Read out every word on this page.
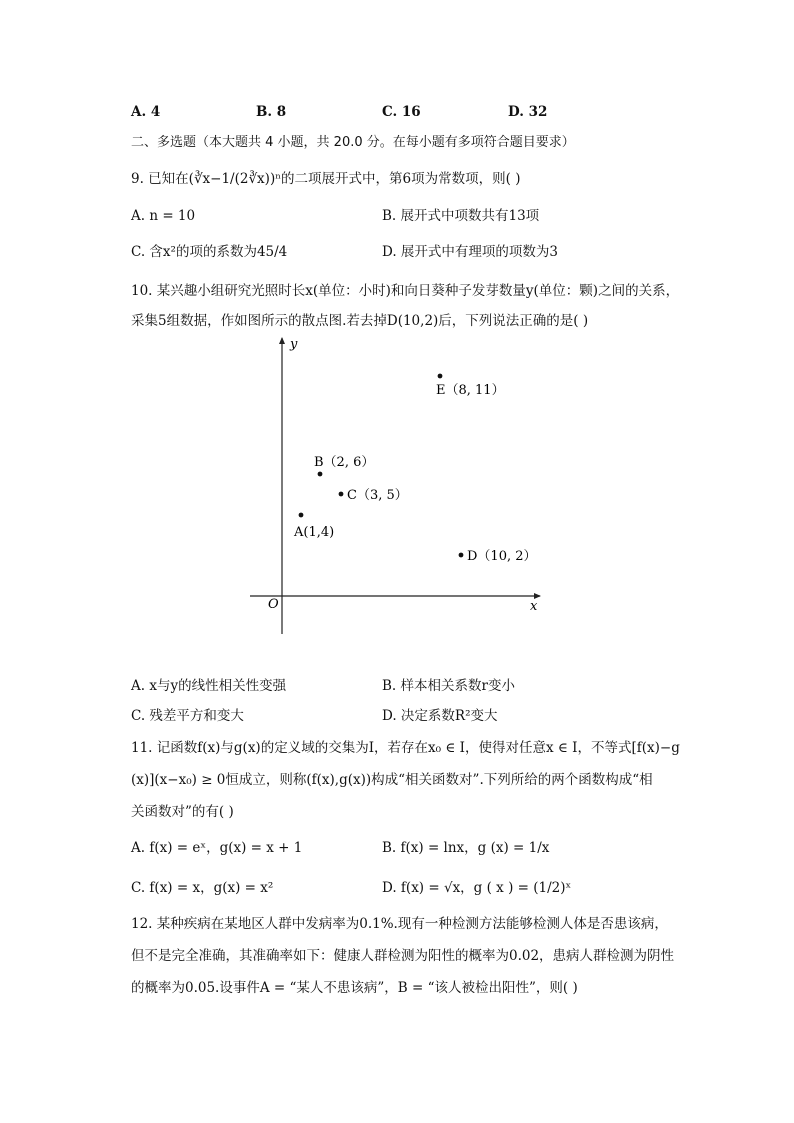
A. 4	B. 8	C. 16	D. 32
二、多选题（本大题共 4 小题，共 20.0 分。在每小题有多项符合题目要求）
9. 已知在(∛x−1/(2∛x))ⁿ的二项展开式中，第6项为常数项，则( )
A. n = 10	B. 展开式中项数共有13项
C. 含x²的项的系数为45/4	D. 展开式中有理项的项数为3
10. 某兴趣小组研究光照时长x(单位：小时)和向日葵种子发芽数量y(单位：颗)之间的关系，
采集5组数据，作如图所示的散点图.若去掉D(10,2)后，下列说法正确的是( )
x
y
O
A(1,4)
B（2, 6）
C（3, 5）
D（10, 2）
E（8, 11）
A. x与y的线性相关性变强	B. 样本相关系数r变小
C. 残差平方和变大	D. 决定系数R²变大
11. 记函数f(x)与g(x)的定义域的交集为I，若存在x₀ ∈ I，使得对任意x ∈ I，不等式[f(x)−g
(x)](x−x₀) ≥ 0恒成立，则称(f(x),g(x))构成“相关函数对”.下列所给的两个函数构成“相
关函数对”的有( )
A. f(x) = eˣ，g(x) = x + 1	B. f(x) = lnx，g (x) = 1/x
C. f(x) = x，g(x) = x²	D. f(x) = √x，g ( x ) = (1/2)ˣ
12. 某种疾病在某地区人群中发病率为0.1%.现有一种检测方法能够检测人体是否患该病，
但不是完全准确，其准确率如下：健康人群检测为阳性的概率为0.02，患病人群检测为阴性
的概率为0.05.设事件A = “某人不患该病”，B = “该人被检出阳性”，则( )
